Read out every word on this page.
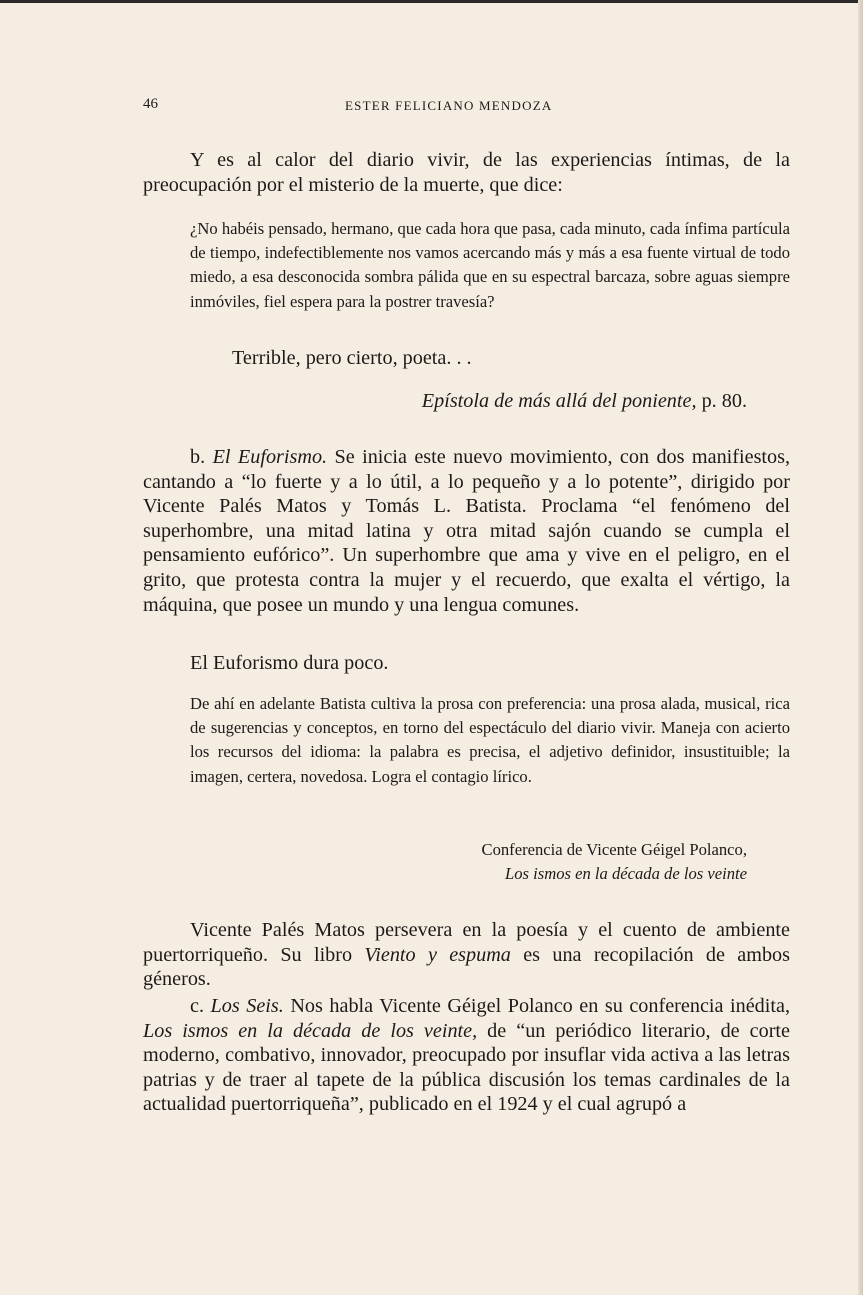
46	ESTER FELICIANO MENDOZA

Y es al calor del diario vivir, de las experiencias íntimas, de la preocupación por el misterio de la muerte, que dice:

¿No habéis pensado, hermano, que cada hora que pasa, cada minuto, cada ínfima partícula de tiempo, indefectiblemente nos vamos acercando más y más a esa fuente virtual de todo miedo, a esa desconocida sombra pálida que en su espectral barcaza, sobre aguas siempre inmóviles, fiel espera para la postrer travesía?

Terrible, pero cierto, poeta. . .

Epístola de más allá del poniente, p. 80.

b. El Euforismo. Se inicia este nuevo movimiento, con dos manifiestos, cantando a “lo fuerte y a lo útil, a lo pequeño y a lo potente”, dirigido por Vicente Palés Matos y Tomás L. Batista. Proclama “el fenómeno del superhombre, una mitad latina y otra mitad sajón cuando se cumpla el pensamiento eufórico”. Un superhombre que ama y vive en el peligro, en el grito, que protesta contra la mujer y el recuerdo, que exalta el vértigo, la máquina, que posee un mundo y una lengua comunes.

El Euforismo dura poco.

De ahí en adelante Batista cultiva la prosa con preferencia: una prosa alada, musical, rica de sugerencias y conceptos, en torno del espectáculo del diario vivir. Maneja con acierto los recursos del idioma: la palabra es precisa, el adjetivo definidor, insustituible; la imagen, certera, novedosa. Logra el contagio lírico.

Conferencia de Vicente Géigel Polanco,

Los ismos en la década de los veinte

Vicente Palés Matos persevera en la poesía y el cuento de ambiente puertorriqueño. Su libro Viento y espuma es una recopilación de ambos géneros.

c. Los Seis. Nos habla Vicente Géigel Polanco en su conferencia inédita, Los ismos en la década de los veinte, de “un periódico literario, de corte moderno, combativo, innovador, preocupado por insuflar vida activa a las letras patrias y de traer al tapete de la pública discusión los temas cardinales de la actualidad puertorriqueña”, publicado en el 1924 y el cual agrupó a
